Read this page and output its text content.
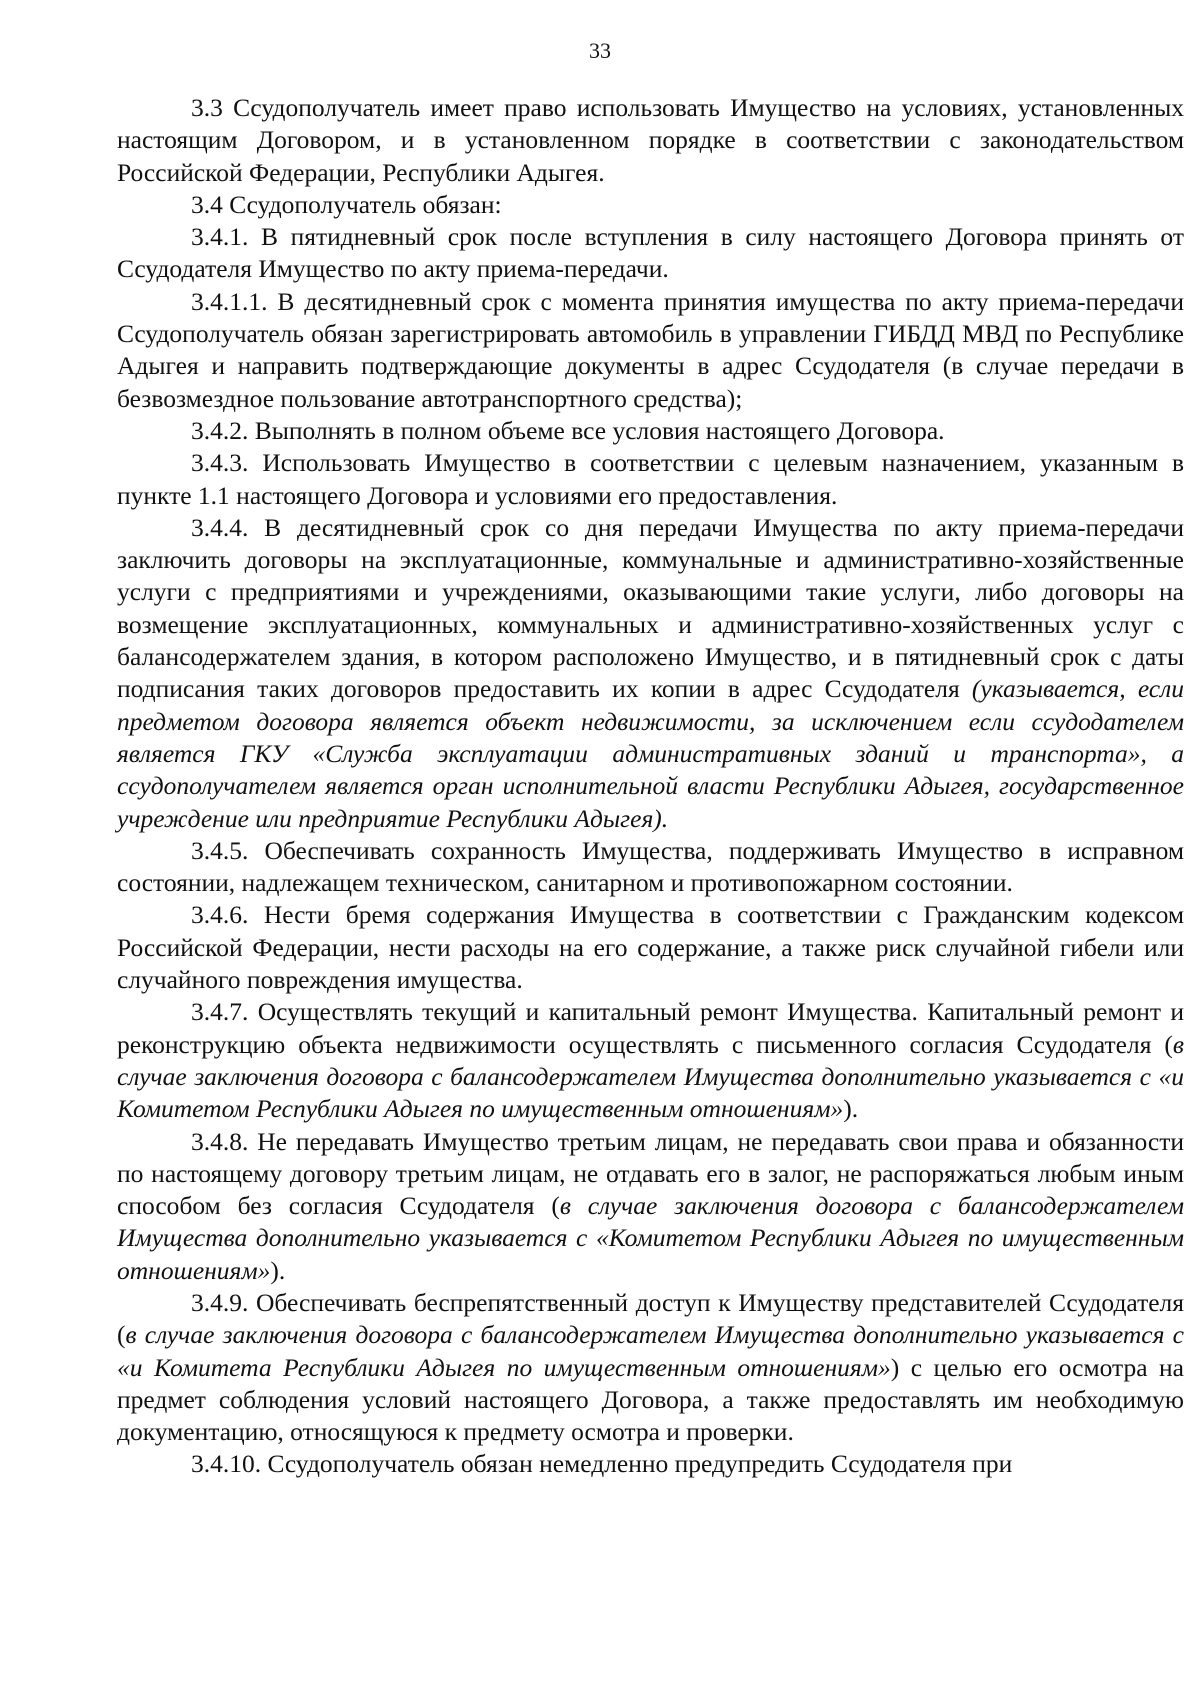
33

3.3 Ссудополучатель имеет право использовать Имущество на условиях, установленных настоящим Договором, и в установленном порядке в соответствии с законодательством Российской Федерации, Республики Адыгея.

3.4 Ссудополучатель обязан:

3.4.1. В пятидневный срок после вступления в силу настоящего Договора принять от Ссудодателя Имущество по акту приема-передачи.

3.4.1.1. В десятидневный срок с момента принятия имущества по акту приема-передачи Ссудополучатель обязан зарегистрировать автомобиль в управлении ГИБДД МВД по Республике Адыгея и направить подтверждающие документы в адрес Ссудодателя (в случае передачи в безвозмездное пользование автотранспортного средства);

3.4.2. Выполнять в полном объеме все условия настоящего Договора.

3.4.3. Использовать Имущество в соответствии с целевым назначением, указанным в пункте 1.1 настоящего Договора и условиями его предоставления.

3.4.4. В десятидневный срок со дня передачи Имущества по акту приема-передачи заключить договоры на эксплуатационные, коммунальные и административно-хозяйственные услуги с предприятиями и учреждениями, оказывающими такие услуги, либо договоры на возмещение эксплуатационных, коммунальных и административно-хозяйственных услуг с балансодержателем здания, в котором расположено Имущество, и в пятидневный срок с даты подписания таких договоров предоставить их копии в адрес Ссудодателя (указывается, если предметом договора является объект недвижимости, за исключением если ссудодателем является ГКУ «Служба эксплуатации административных зданий и транспорта», а ссудополучателем является орган исполнительной власти Республики Адыгея, государственное учреждение или предприятие Республики Адыгея).

3.4.5. Обеспечивать сохранность Имущества, поддерживать Имущество в исправном состоянии, надлежащем техническом, санитарном и противопожарном состоянии.

3.4.6. Нести бремя содержания Имущества в соответствии с Гражданским кодексом Российской Федерации, нести расходы на его содержание, а также риск случайной гибели или случайного повреждения имущества.

3.4.7. Осуществлять текущий и капитальный ремонт Имущества. Капитальный ремонт и реконструкцию объекта недвижимости осуществлять с письменного согласия Ссудодателя (в случае заключения договора с балансодержателем Имущества дополнительно указывается с «и Комитетом Республики Адыгея по имущественным отношениям»).

3.4.8. Не передавать Имущество третьим лицам, не передавать свои права и обязанности по настоящему договору третьим лицам, не отдавать его в залог, не распоряжаться любым иным способом без согласия Ссудодателя (в случае заключения договора с балансодержателем Имущества дополнительно указывается с «Комитетом Республики Адыгея по имущественным отношениям»).

3.4.9. Обеспечивать беспрепятственный доступ к Имуществу представителей Ссудодателя (в случае заключения договора с балансодержателем Имущества дополнительно указывается с «и Комитета Республики Адыгея по имущественным отношениям») с целью его осмотра на предмет соблюдения условий настоящего Договора, а также предоставлять им необходимую документацию, относящуюся к предмету осмотра и проверки.

3.4.10. Ссудополучатель обязан немедленно предупредить Ссудодателя при
